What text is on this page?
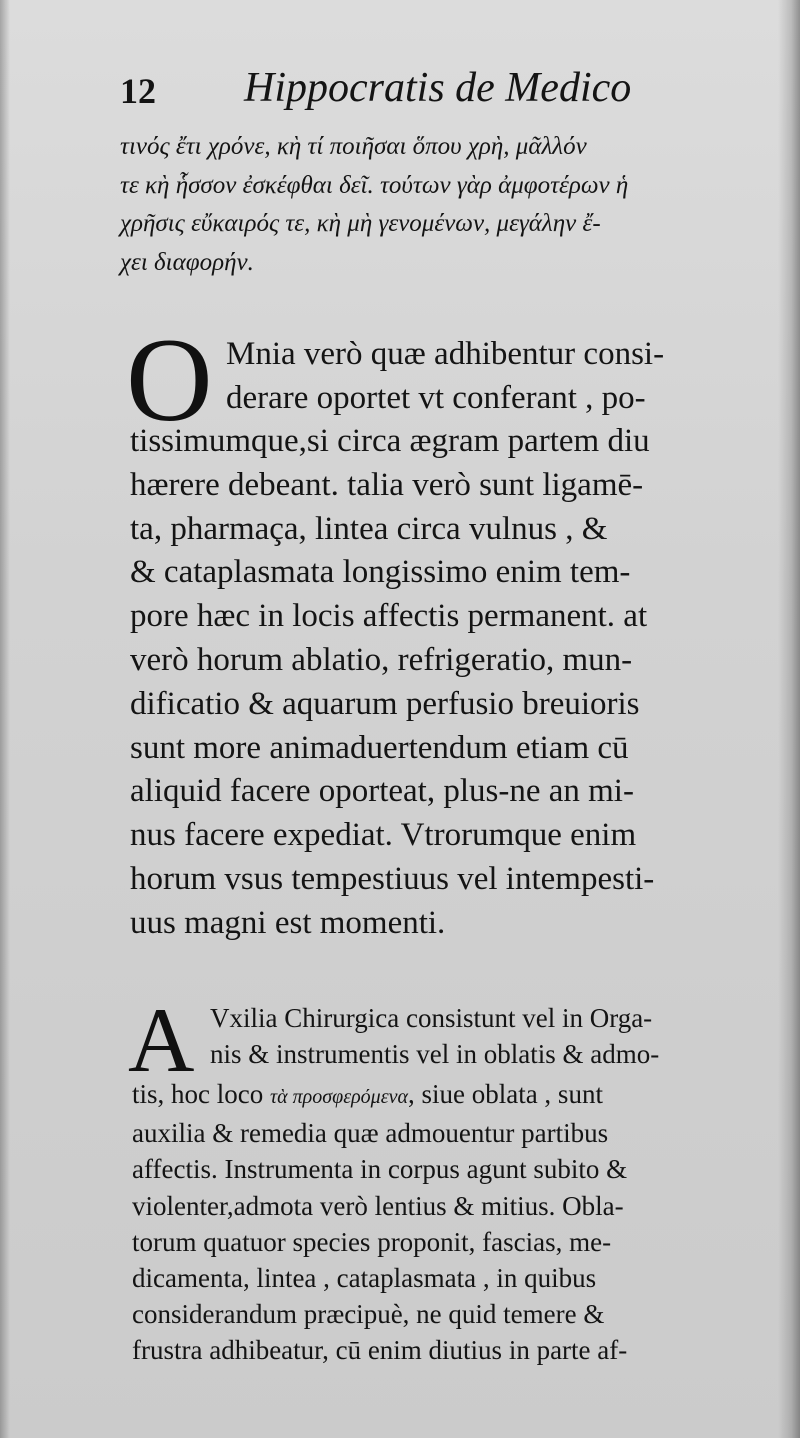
12 Hippocratis de Medico
τινός ἔτι χρόνε, κὴ τί ποιῆσαι ὅπου χρὴ, μᾶλλόν
τε κὴ ἧσσον ἐσκέφθαι δεῖ. τούτων γὰρ ἀμφοτέρων ἡ
χρῆσις εὔκαιρός τε, κὴ μὴ γενομένων, μεγάλην ἔ-
χει διαφορήν.
O Mnia verò quæ adhibentur consi-
derare oportet vt conferant , po-
tissimumque,si circa ægram partem diu
hærere debeant. talia verò sunt ligamē-
ta, pharmaça, lintea circa vulnus , &
& cataplasmata longissimo enim tem-
pore hæc in locis affectis permanent. at
verò horum ablatio, refrigeratio, mun-
dificatio & aquarum perfusio breuioris
sunt more animaduertendum etiam cū
aliquid facere oporteat, plus-ne an mi-
nus facere expediat. Vtrorumque enim
horum vsus tempestiuus vel intempesti-
uus magni est momenti.
A Vxilia Chirurgica consistunt vel in Orga-
nis & instrumentis vel in oblatis & admo-
tis, hoc loco τὰ προσφερόμενα, siue oblata , sunt
auxilia & remedia quæ admouentur partibus
affectis. Instrumenta in corpus agunt subito &
violenter,admota verò lentius & mitius. Obla-
torum quatuor species proponit, fascias, me-
dicamenta, lintea , cataplasmata , in quibus
considerandum præcipuè, ne quid temere &
frustra adhibeatur, cū enim diutius in parte af-
